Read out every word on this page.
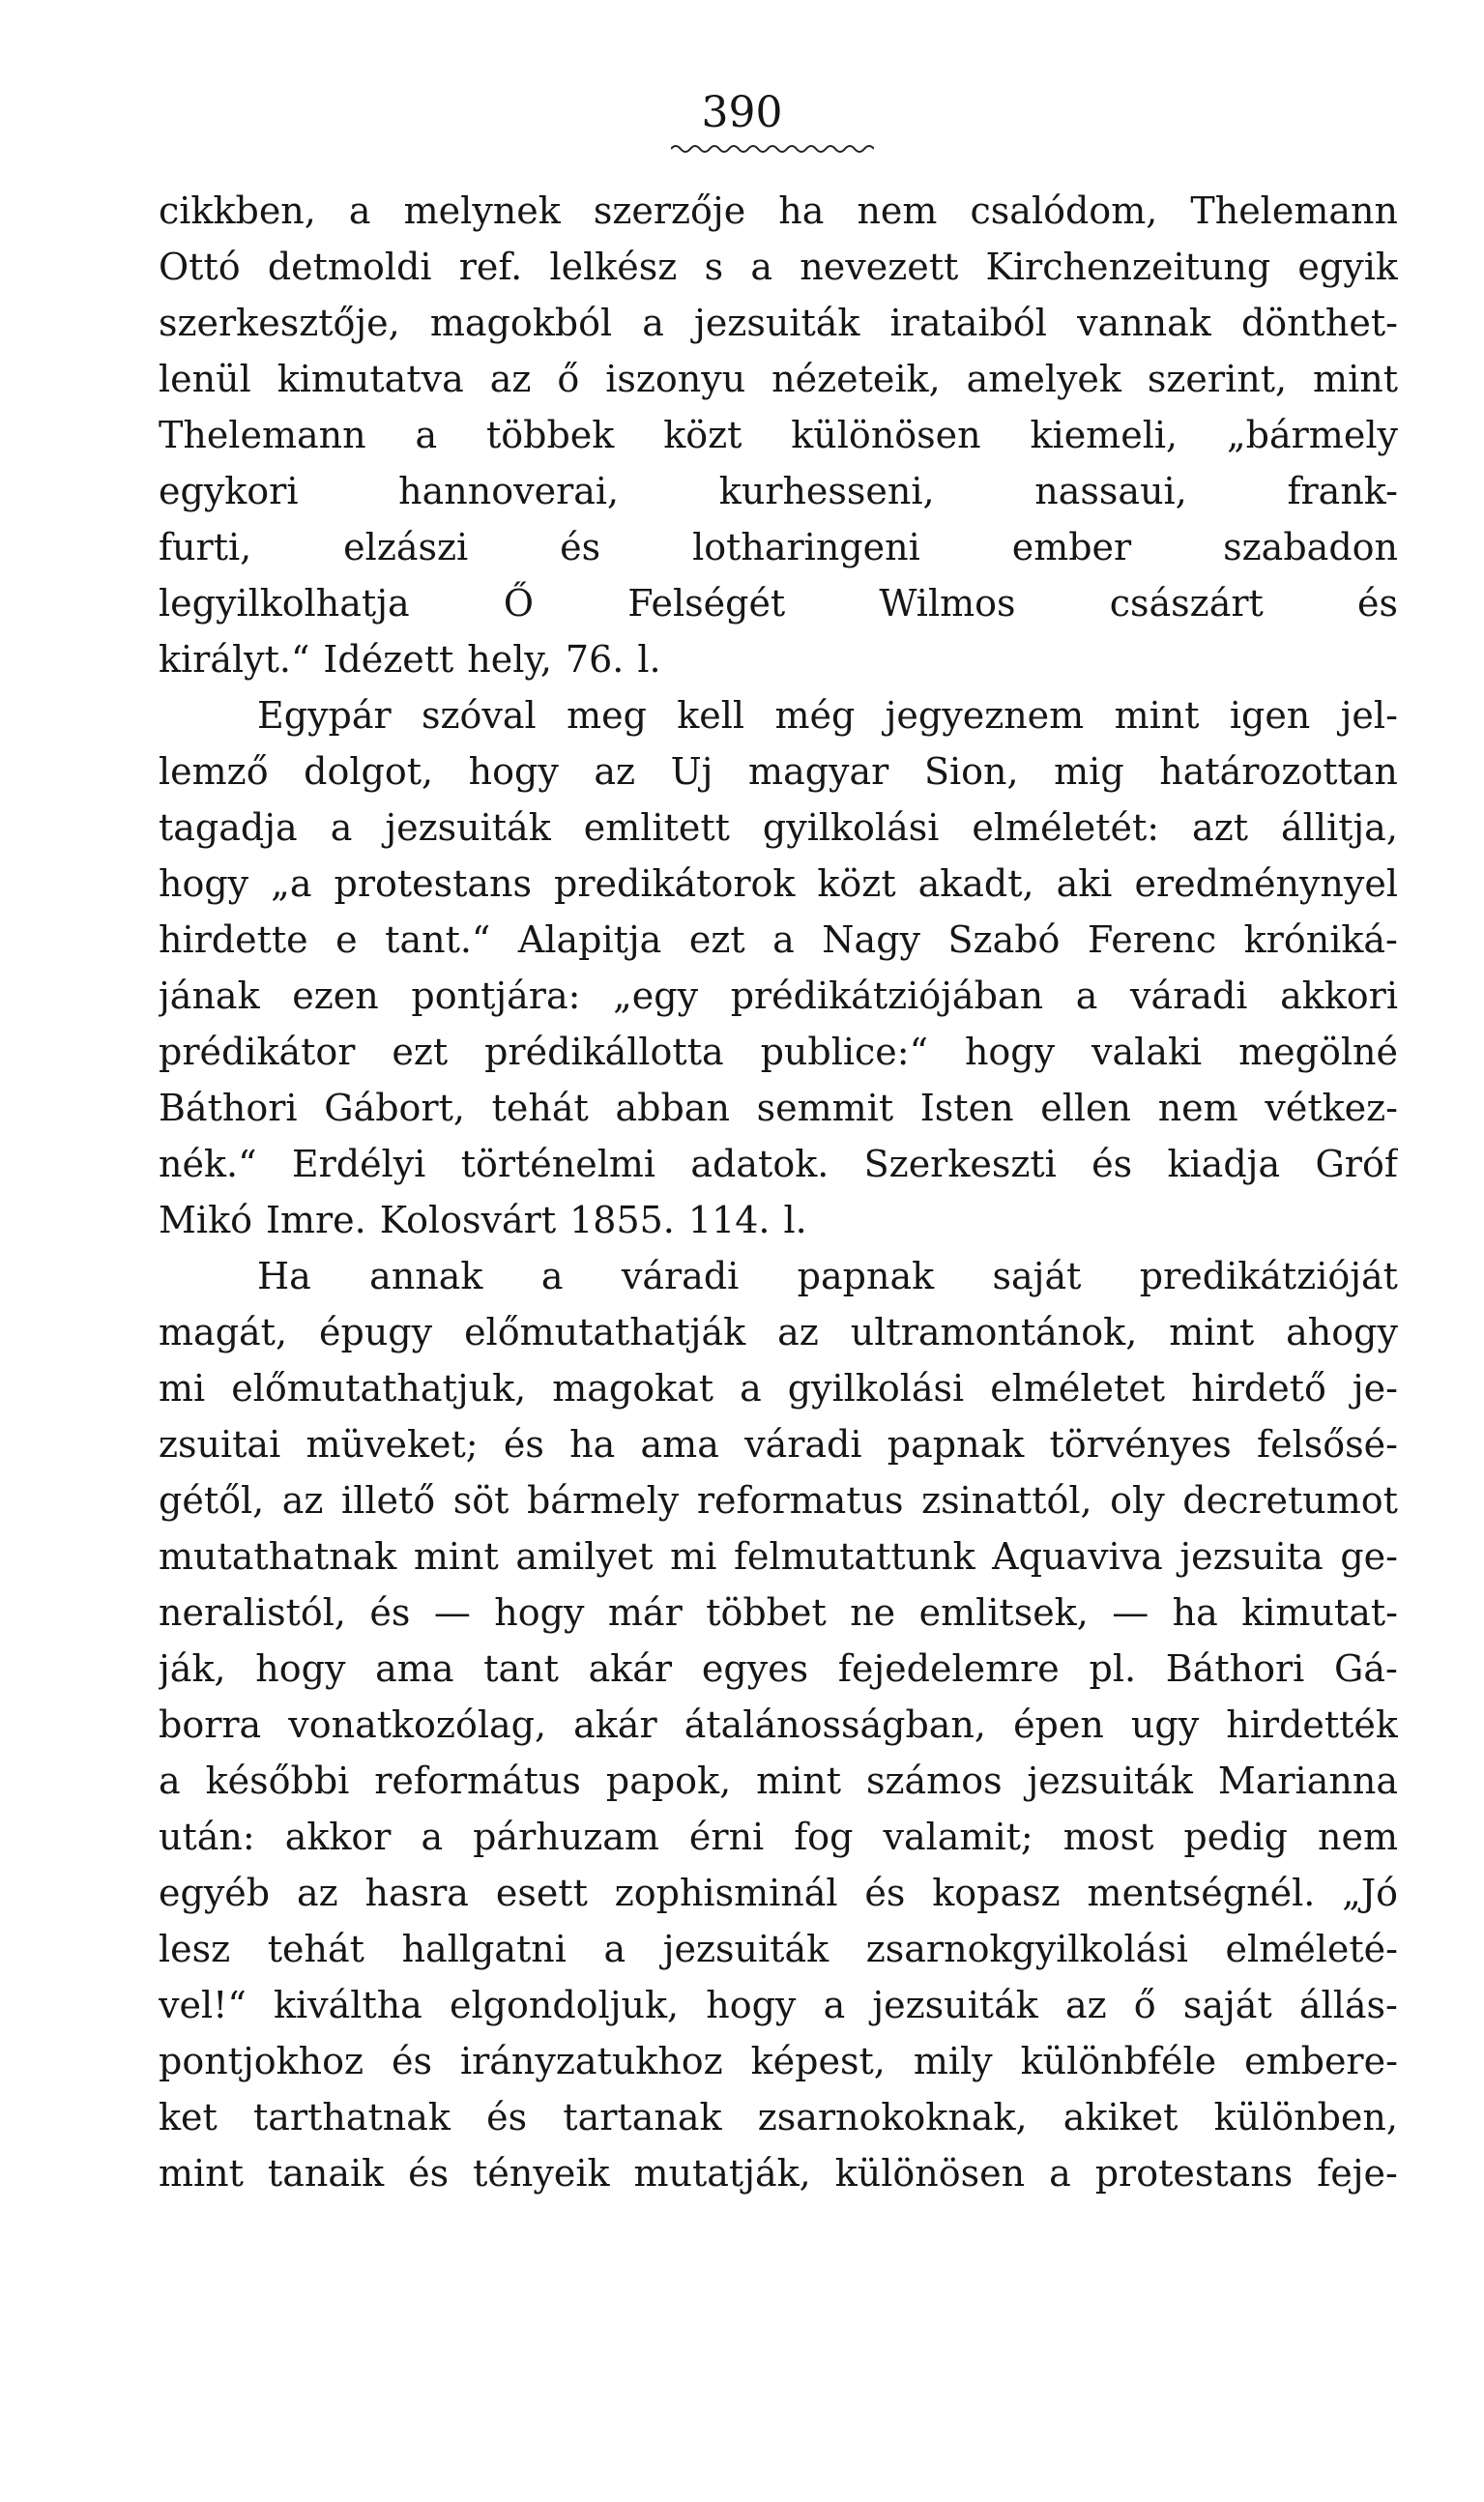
390
cikkben, a melynek szerzője ha nem csalódom, Thelemann
Ottó detmoldi ref. lelkész s a nevezett Kirchenzeitung egyik
szerkesztője, magokból a jezsuiták irataiból vannak dönthet-
lenül kimutatva az ő iszonyu nézeteik, amelyek szerint, mint
Thelemann a többek közt különösen kiemeli, „bármely
egykori	hannoverai,	kurhesseni,	nassaui,	frank-
furti, elzászi és lotharingeni ember szabadon
legyilkolhatja	Ő	Felségét	Wilmos	császárt	és
királyt.“ Idézett hely, 76. l.
Egypár szóval meg kell még jegyeznem mint igen jel-
lemző dolgot, hogy az Uj magyar Sion, mig határozottan
tagadja a jezsuiták emlitett gyilkolási elméletét: azt állitja,
hogy „a protestans predikátorok közt akadt, aki eredménynyel
hirdette e tant.“ Alapitja ezt a Nagy Szabó Ferenc króniká-
jának ezen pontjára: „egy prédikátziójában a váradi akkori
prédikátor ezt prédikállotta publice:“ hogy valaki megölné
Báthori Gábort, tehát abban semmit Isten ellen nem vétkez-
nék.“ Erdélyi történelmi adatok. Szerkeszti és kiadja Gróf
Mikó Imre. Kolosvárt 1855. 114. l.
Ha annak a váradi papnak saját predikátzióját
magát, épugy előmutathatják az ultramontánok, mint ahogy
mi előmutathatjuk, magokat a gyilkolási elméletet hirdető je-
zsuitai müveket; és ha ama váradi papnak törvényes felsősé-
gétől, az illető söt bármely reformatus zsinattól, oly decretumot
mutathatnak mint amilyet mi felmutattunk Aquaviva jezsuita ge-
neralistól, és — hogy már többet ne emlitsek, — ha kimutat-
ják, hogy ama tant akár egyes fejedelemre pl. Báthori Gá-
borra vonatkozólag, akár átalánosságban, épen ugy hirdették
a későbbi református papok, mint számos jezsuiták Marianna
után: akkor a párhuzam érni fog valamit; most pedig nem
egyéb az hasra esett zophisminál és kopasz mentségnél. „Jó
lesz tehát hallgatni a jezsuiták zsarnokgyilkolási elméleté-
vel!“ kiváltha elgondoljuk, hogy a jezsuiták az ő saját állás-
pontjokhoz és irányzatukhoz képest, mily különbféle embere-
ket tarthatnak és tartanak zsarnokoknak, akiket különben,
mint tanaik és tényeik mutatják, különösen a protestans feje-
